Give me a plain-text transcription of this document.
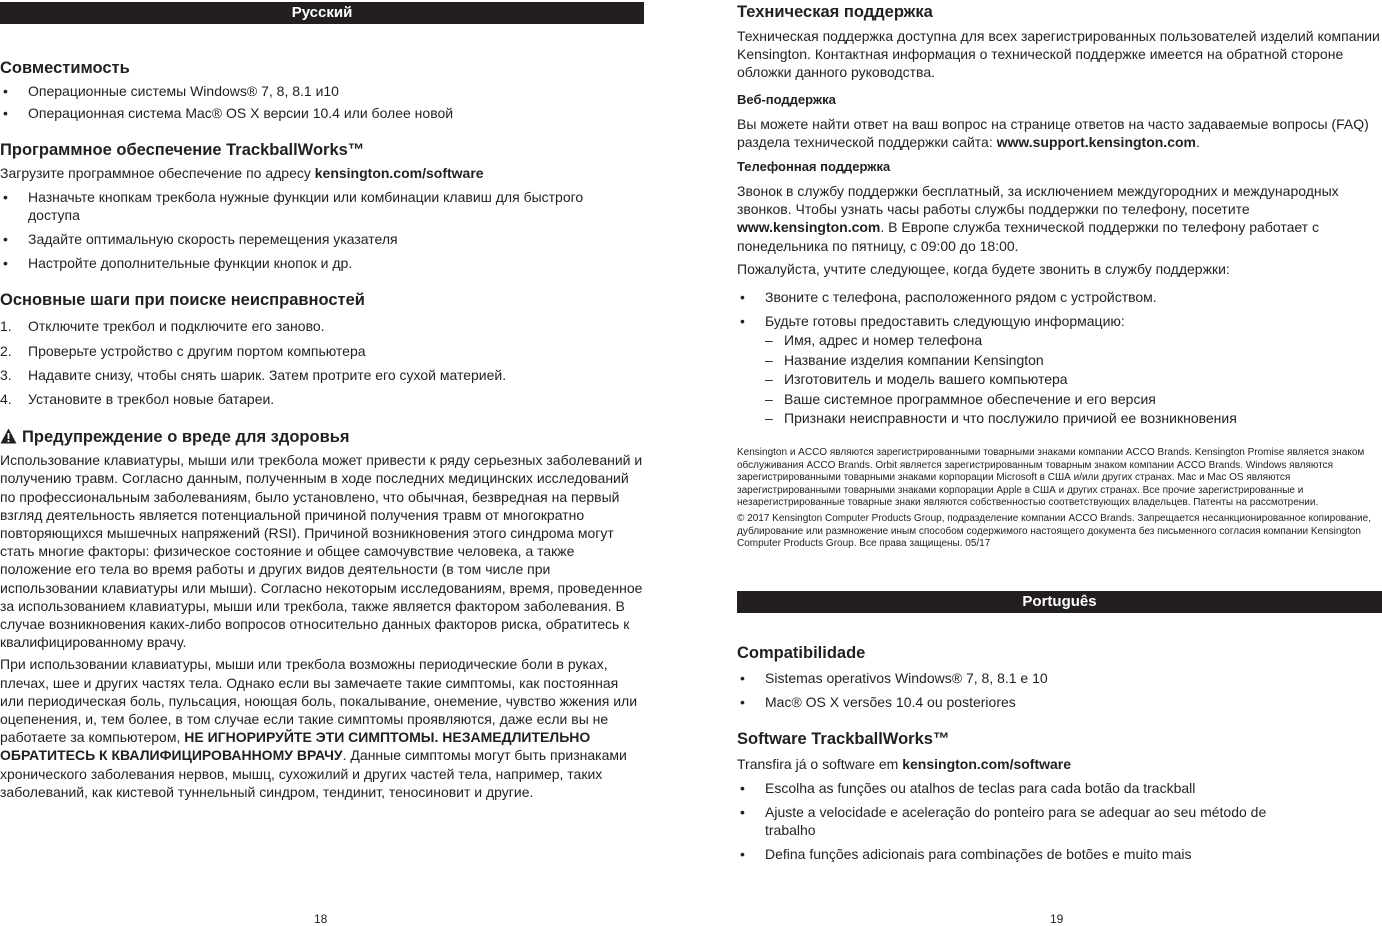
Русский
Совместимость
• Операционные системы Windows® 7, 8, 8.1 и10
• Операционная система Mac® OS X версии 10.4 или более новой
Программное обеспечение TrackballWorks™

Загрузите программное обеспечение по адресу kensington.com/software

• Назначьте кнопкам трекбола нужные функции или комбинации клавиш для быстрого доступа
• Задайте оптимальную скорость перемещения указателя
• Настройте дополнительные функции кнопок и др.
Основные шаги при поиске неисправностей
1. Отключите трекбол и подключите его заново.
2. Проверьте устройство с другим портом компьютера
3. Надавите снизу, чтобы снять шарик. Затем протрите его сухой материей.
4. Установите в трекбол новые батареи.
Предупреждение о вреде для здоровья

Использование клавиатуры, мыши или трекбола может привести к ряду серьезных заболеваний и получению травм. Согласно данным, полученным в ходе последних медицинских исследований по профессиональным заболеваниям, было установлено, что обычная, безвредная на первый взгляд деятельность является потенциальной причиной получения травм от многократно повторяющихся мышечных напряжений (RSI). Причиной возникновения этого синдрома могут стать многие факторы: физическое состояние и общее самочувствие человека, а также положение его тела во время работы и других видов деятельности (в том числе при использовании клавиатуры или мыши). Согласно некоторым исследованиям, время, проведенное за использованием клавиатуры, мыши или трекбола, также является фактором заболевания. В случае возникновения каких-либо вопросов относительно данных факторов риска, обратитесь к квалифицированному врачу.

При использовании клавиатуры, мыши или трекбола возможны периодические боли в руках, плечах, шее и других частях тела. Однако если вы замечаете такие симптомы, как постоянная или периодическая боль, пульсация, ноющая боль, покалывание, онемение, чувство жжения или оцепенения, и, тем более, в том случае если такие симптомы проявляются, даже если вы не работаете за компьютером, НЕ ИГНОРИРУЙТЕ ЭТИ СИМПТОМЫ. НЕЗАМЕДЛИТЕЛЬНО ОБРАТИТЕСЬ К КВАЛИФИЦИРОВАННОМУ ВРАЧУ. Данные симптомы могут быть признаками хронического заболевания нервов, мышц, сухожилий и других частей тела, например, таких заболеваний, как кистевой туннельный синдром, тендинит, теносиновит и другие.

18
Техническая поддержка

Техническая поддержка доступна для всех зарегистрированных пользователей изделий компании Kensington. Контактная информация о технической поддержке имеется на обратной стороне обложки данного руководства.

Веб-поддержка

Вы можете найти ответ на ваш вопрос на странице ответов на часто задаваемые вопросы (FAQ) раздела технической поддержки сайта: www.support.kensington.com.

Телефонная поддержка

Звонок в службу поддержки бесплатный, за исключением междугородних и международных звонков. Чтобы узнать часы работы службы поддержки по телефону, посетите www.kensington.com. В Европе служба технической поддержки по телефону работает с понедельника по пятницу, с 09:00 до 18:00.

Пожалуйста, учтите следующее, когда будете звонить в службу поддержки:

• Звоните с телефона, расположенного рядом с устройством.
• Будьте готовы предоставить следующую информацию:
– Имя, адрес и номер телефона
– Название изделия компании Kensington
– Изготовитель и модель вашего компьютера
– Ваше системное программное обеспечение и его версия
– Признаки неисправности и что послужило причиой ее возникновения

Kensington и ACCO являются зарегистрированными товарными знаками компании ACCO Brands. Kensington Promise является знаком обслуживания ACCO Brands. Orbit является зарегистрированным товарным знаком компании ACCO Brands. Windows являются зарегистрированными товарными знаками корпорации Microsoft в США и/или других странах. Mac и Mac OS являются зарегистрированными товарными знаками корпорации Apple в США и других странах. Все прочие зарегистрированные и незарегистрированные товарные знаки являются собственностью соответствующих владельцев. Патенты на рассмотрении.

© 2017 Kensington Computer Products Group, подразделение компании ACCO Brands. Запрещается несанкционированное копирование, дублирование или размножение иным способом содержимого настоящего документа без письменного согласия компании Kensington Computer Products Group. Все права защищены. 05/17

Português
Compatibilidade
• Sistemas operativos Windows® 7, 8, 8.1 e 10
• Mac® OS X versões 10.4 ou posteriores
Software TrackballWorks™

Transfira já o software em kensington.com/software

• Escolha as funções ou atalhos de teclas para cada botão da trackball
• Ajuste a velocidade e aceleração do ponteiro para se adequar ao seu método de trabalho
• Defina funções adicionais para combinações de botões e muito mais
19
